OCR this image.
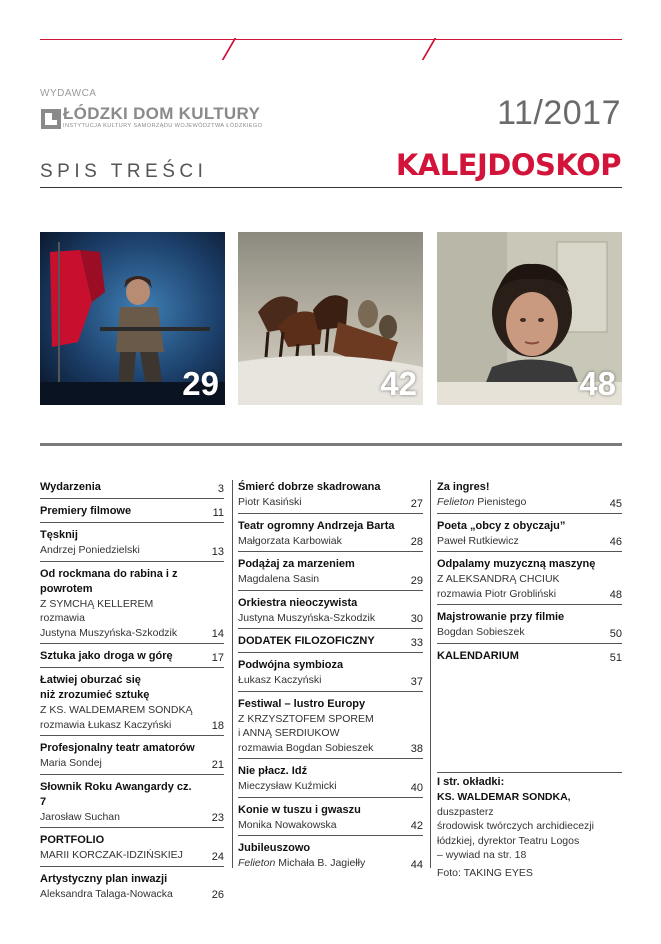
WYDAWCA
ŁÓDZKI DOM KULTURY
INSTYTUCJA KULTURY SAMORZĄDU WOJEWÓDZTWA ŁÓDZKIEGO	11/2017
SPIS TREŚCI	KALEJDOSKOP
29	42	48
Wydarzenia	3
Premiery filmowe	11
Tęsknij
Andrzej Poniedzielski	13
Od rockmana do rabina i z powrotem
Z SYMCHĄ KELLEREM rozmawia
Justyna Muszyńska-Szkodzik	14
Sztuka jako droga w górę	17
Łatwiej oburzać się
niż zrozumieć sztukę
Z KS. WALDEMAREM SONDKĄ
rozmawia Łukasz Kaczyński	18
Profesjonalny teatr amatorów
Maria Sondej	21
Słownik Roku Awangardy cz. 7
Jarosław Suchan	23
PORTFOLIO
MARII KORCZAK-IDZIŃSKIEJ	24
Artystyczny plan inwazji
Aleksandra Talaga-Nowacka	26
Śmierć dobrze skadrowana
Piotr Kasiński	27
Teatr ogromny Andrzeja Barta
Małgorzata Karbowiak	28
Podążaj za marzeniem
Magdalena Sasin	29
Orkiestra nieoczywista
Justyna Muszyńska-Szkodzik	30
DODATEK FILOZOFICZNY	33
Podwójna symbioza
Łukasz Kaczyński	37
Festiwal – lustro Europy
Z KRZYSZTOFEM SPOREM
i ANNĄ SERDIUKOW
rozmawia Bogdan Sobieszek	38
Nie płacz. Idź
Mieczysław Kuźmicki	40
Konie w tuszu i gwaszu
Monika Nowakowska	42
Jubileuszowo
Felieton Michała B. Jagiełły	44
Za ingres!
Felieton Pienistego	45
Poeta „obcy z obyczaju”
Paweł Rutkiewicz	46
Odpalamy muzyczną maszynę
Z ALEKSANDRĄ CHCIUK
rozmawia Piotr Grobliński	48
Majstrowanie przy filmie
Bogdan Sobieszek	50
KALENDARIUM	51
I str. okładki:
KS. WALDEMAR SONDKA, duszpasterz
środowisk twórczych archidiecezji
łódzkiej, dyrektor Teatru Logos
– wywiad na str. 18
Foto: TAKING EYES
